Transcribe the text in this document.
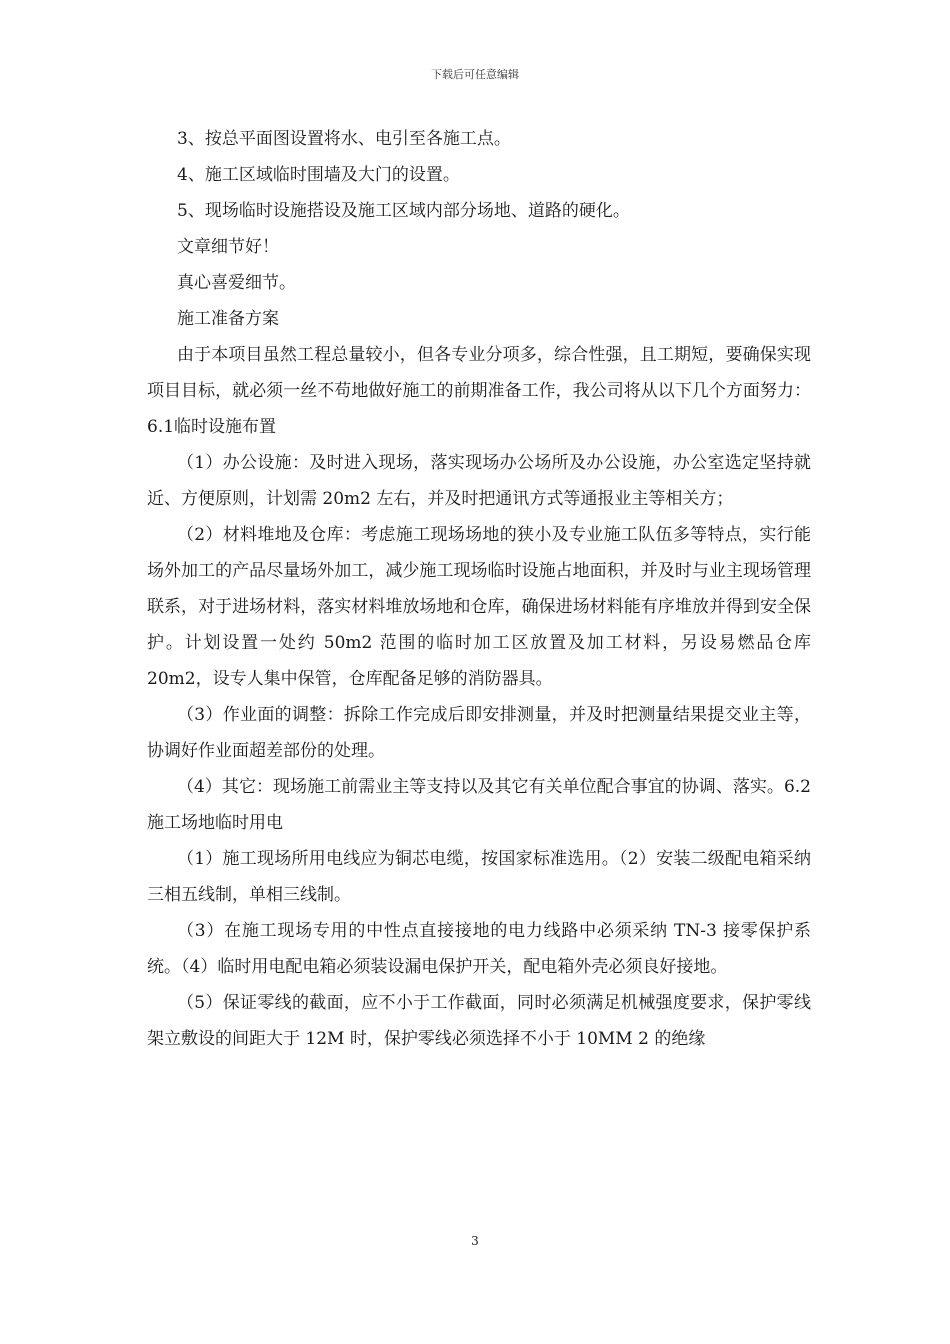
下载后可任意编辑

3、按总平面图设置将水、电引至各施工点。

4、施工区域临时围墙及大门的设置。

5、现场临时设施搭设及施工区域内部分场地、道路的硬化。

文章细节好！

真心喜爱细节。

施工准备方案

由于本项目虽然工程总量较小，但各专业分项多，综合性强，且工期短，要确保实现项目目标，就必须一丝不苟地做好施工的前期准备工作，我公司将从以下几个方面努力：6.1临时设施布置

（1）办公设施：及时进入现场，落实现场办公场所及办公设施，办公室选定坚持就近、方便原则，计划需 20m2 左右，并及时把通讯方式等通报业主等相关方；

（2）材料堆地及仓库：考虑施工现场场地的狭小及专业施工队伍多等特点，实行能场外加工的产品尽量场外加工，减少施工现场临时设施占地面积，并及时与业主现场管理联系，对于进场材料，落实材料堆放场地和仓库，确保进场材料能有序堆放并得到安全保护。计划设置一处约 50m2 范围的临时加工区放置及加工材料，另设易燃品仓库 20m2，设专人集中保管，仓库配备足够的消防器具。

（3）作业面的调整：拆除工作完成后即安排测量，并及时把测量结果提交业主等，协调好作业面超差部份的处理。

（4）其它：现场施工前需业主等支持以及其它有关单位配合事宜的协调、落实。6.2施工场地临时用电

（1）施工现场所用电线应为铜芯电缆，按国家标准选用。（2）安装二级配电箱采纳三相五线制，单相三线制。

（3）在施工现场专用的中性点直接接地的电力线路中必须采纳 TN-3 接零保护系统。（4）临时用电配电箱必须装设漏电保护开关，配电箱外壳必须良好接地。

（5）保证零线的截面，应不小于工作截面，同时必须满足机械强度要求，保护零线架立敷设的间距大于 12M 时，保护零线必须选择不小于 10MM 2 的绝缘

3
